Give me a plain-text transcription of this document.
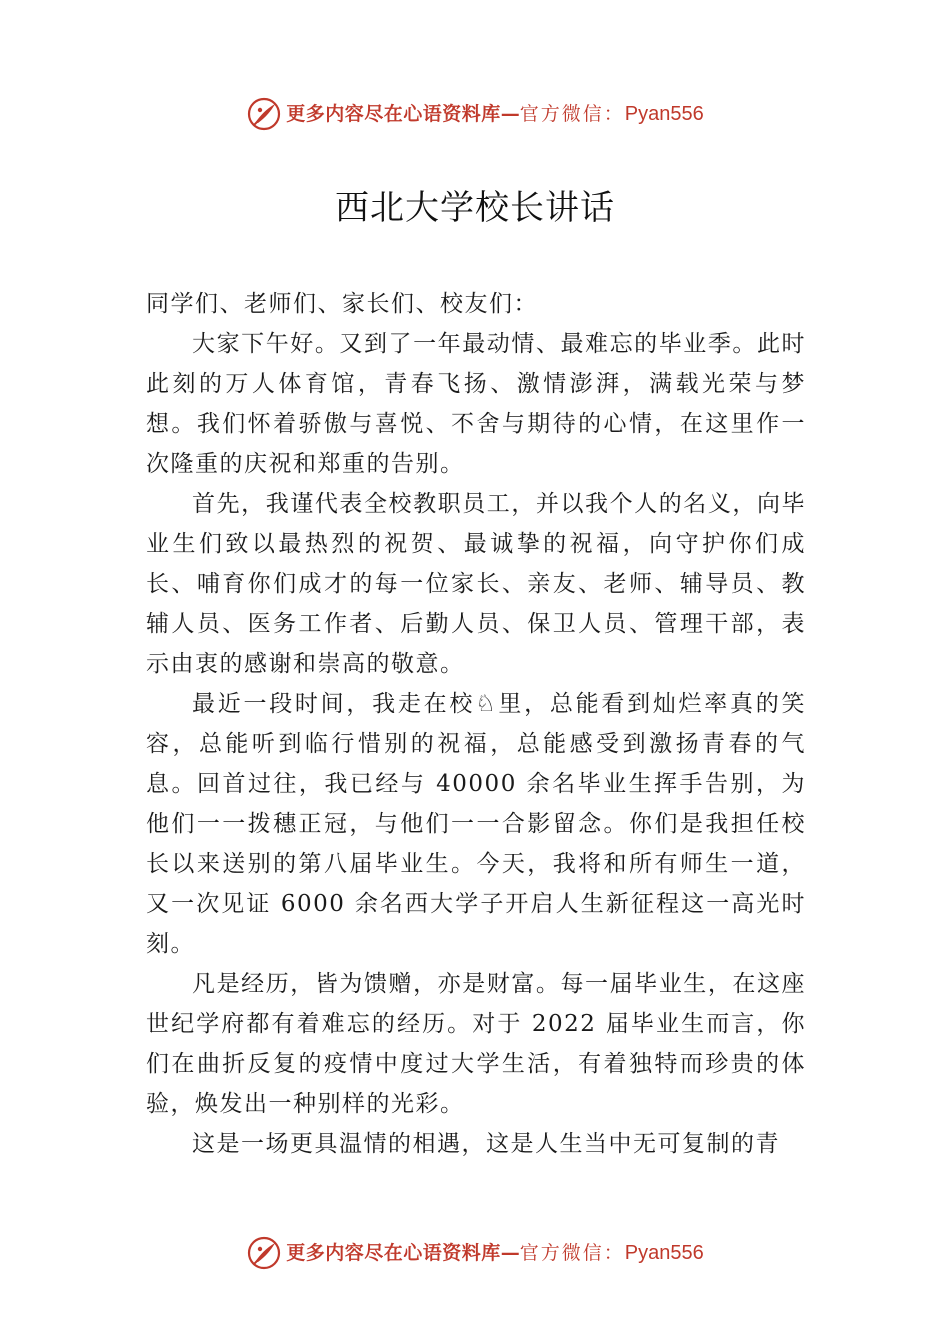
更多内容尽在心语资料库—官方微信：Pyan556
西北大学校长讲话

同学们、老师们、家长们、校友们：

大家下午好。又到了一年最动情、最难忘的毕业季。此时此刻的万人体育馆，青春飞扬、激情澎湃，满载光荣与梦想。我们怀着骄傲与喜悦、不舍与期待的心情，在这里作一次隆重的庆祝和郑重的告别。

首先，我谨代表全校教职员工，并以我个人的名义，向毕业生们致以最热烈的祝贺、最诚挚的祝福，向守护你们成长、哺育你们成才的每一位家长、亲友、老师、辅导员、教辅人员、医务工作者、后勤人员、保卫人员、管理干部，表示由衷的感谢和崇高的敬意。

最近一段时间，我走在校♘里，总能看到灿烂率真的笑容，总能听到临行惜别的祝福，总能感受到激扬青春的气息。回首过往，我已经与 40000 余名毕业生挥手告别，为他们一一拨穗正冠，与他们一一合影留念。你们是我担任校长以来送别的第八届毕业生。今天，我将和所有师生一道，又一次见证 6000 余名西大学子开启人生新征程这一高光时刻。

凡是经历，皆为馈赠，亦是财富。每一届毕业生，在这座世纪学府都有着难忘的经历。对于 2022 届毕业生而言，你们在曲折反复的疫情中度过大学生活，有着独特而珍贵的体验，焕发出一种别样的光彩。

这是一场更具温情的相遇，这是人生当中无可复制的青

更多内容尽在心语资料库—官方微信：Pyan556
